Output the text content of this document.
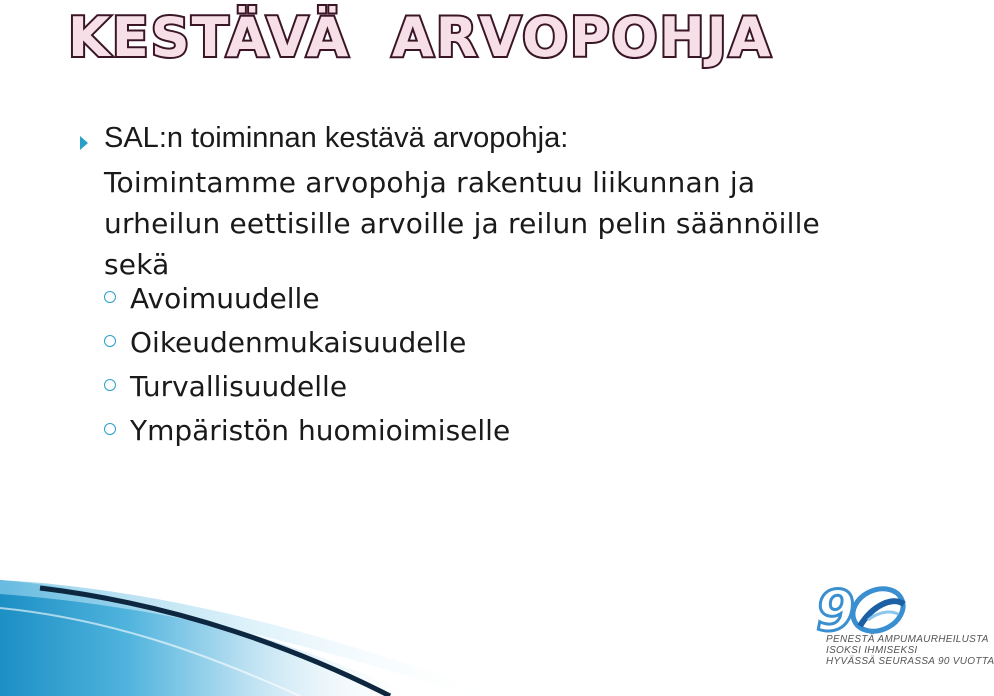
KESTÄVÄ  ARVOPOHJA
SAL:n toiminnan kestävä arvopohja:
Toimintamme arvopohja rakentuu liikunnan ja urheilun eettisille arvoille ja reilun pelin säännöille sekä
Avoimuudelle
Oikeudenmukaisuudelle
Turvallisuudelle
Ympäristön huomioimiselle
9
PENESTÄ AMPUMAURHEILUSTA
ISOKSI IHMISEKSI
HYVÄSSÄ SEURASSA 90 VUOTTA
